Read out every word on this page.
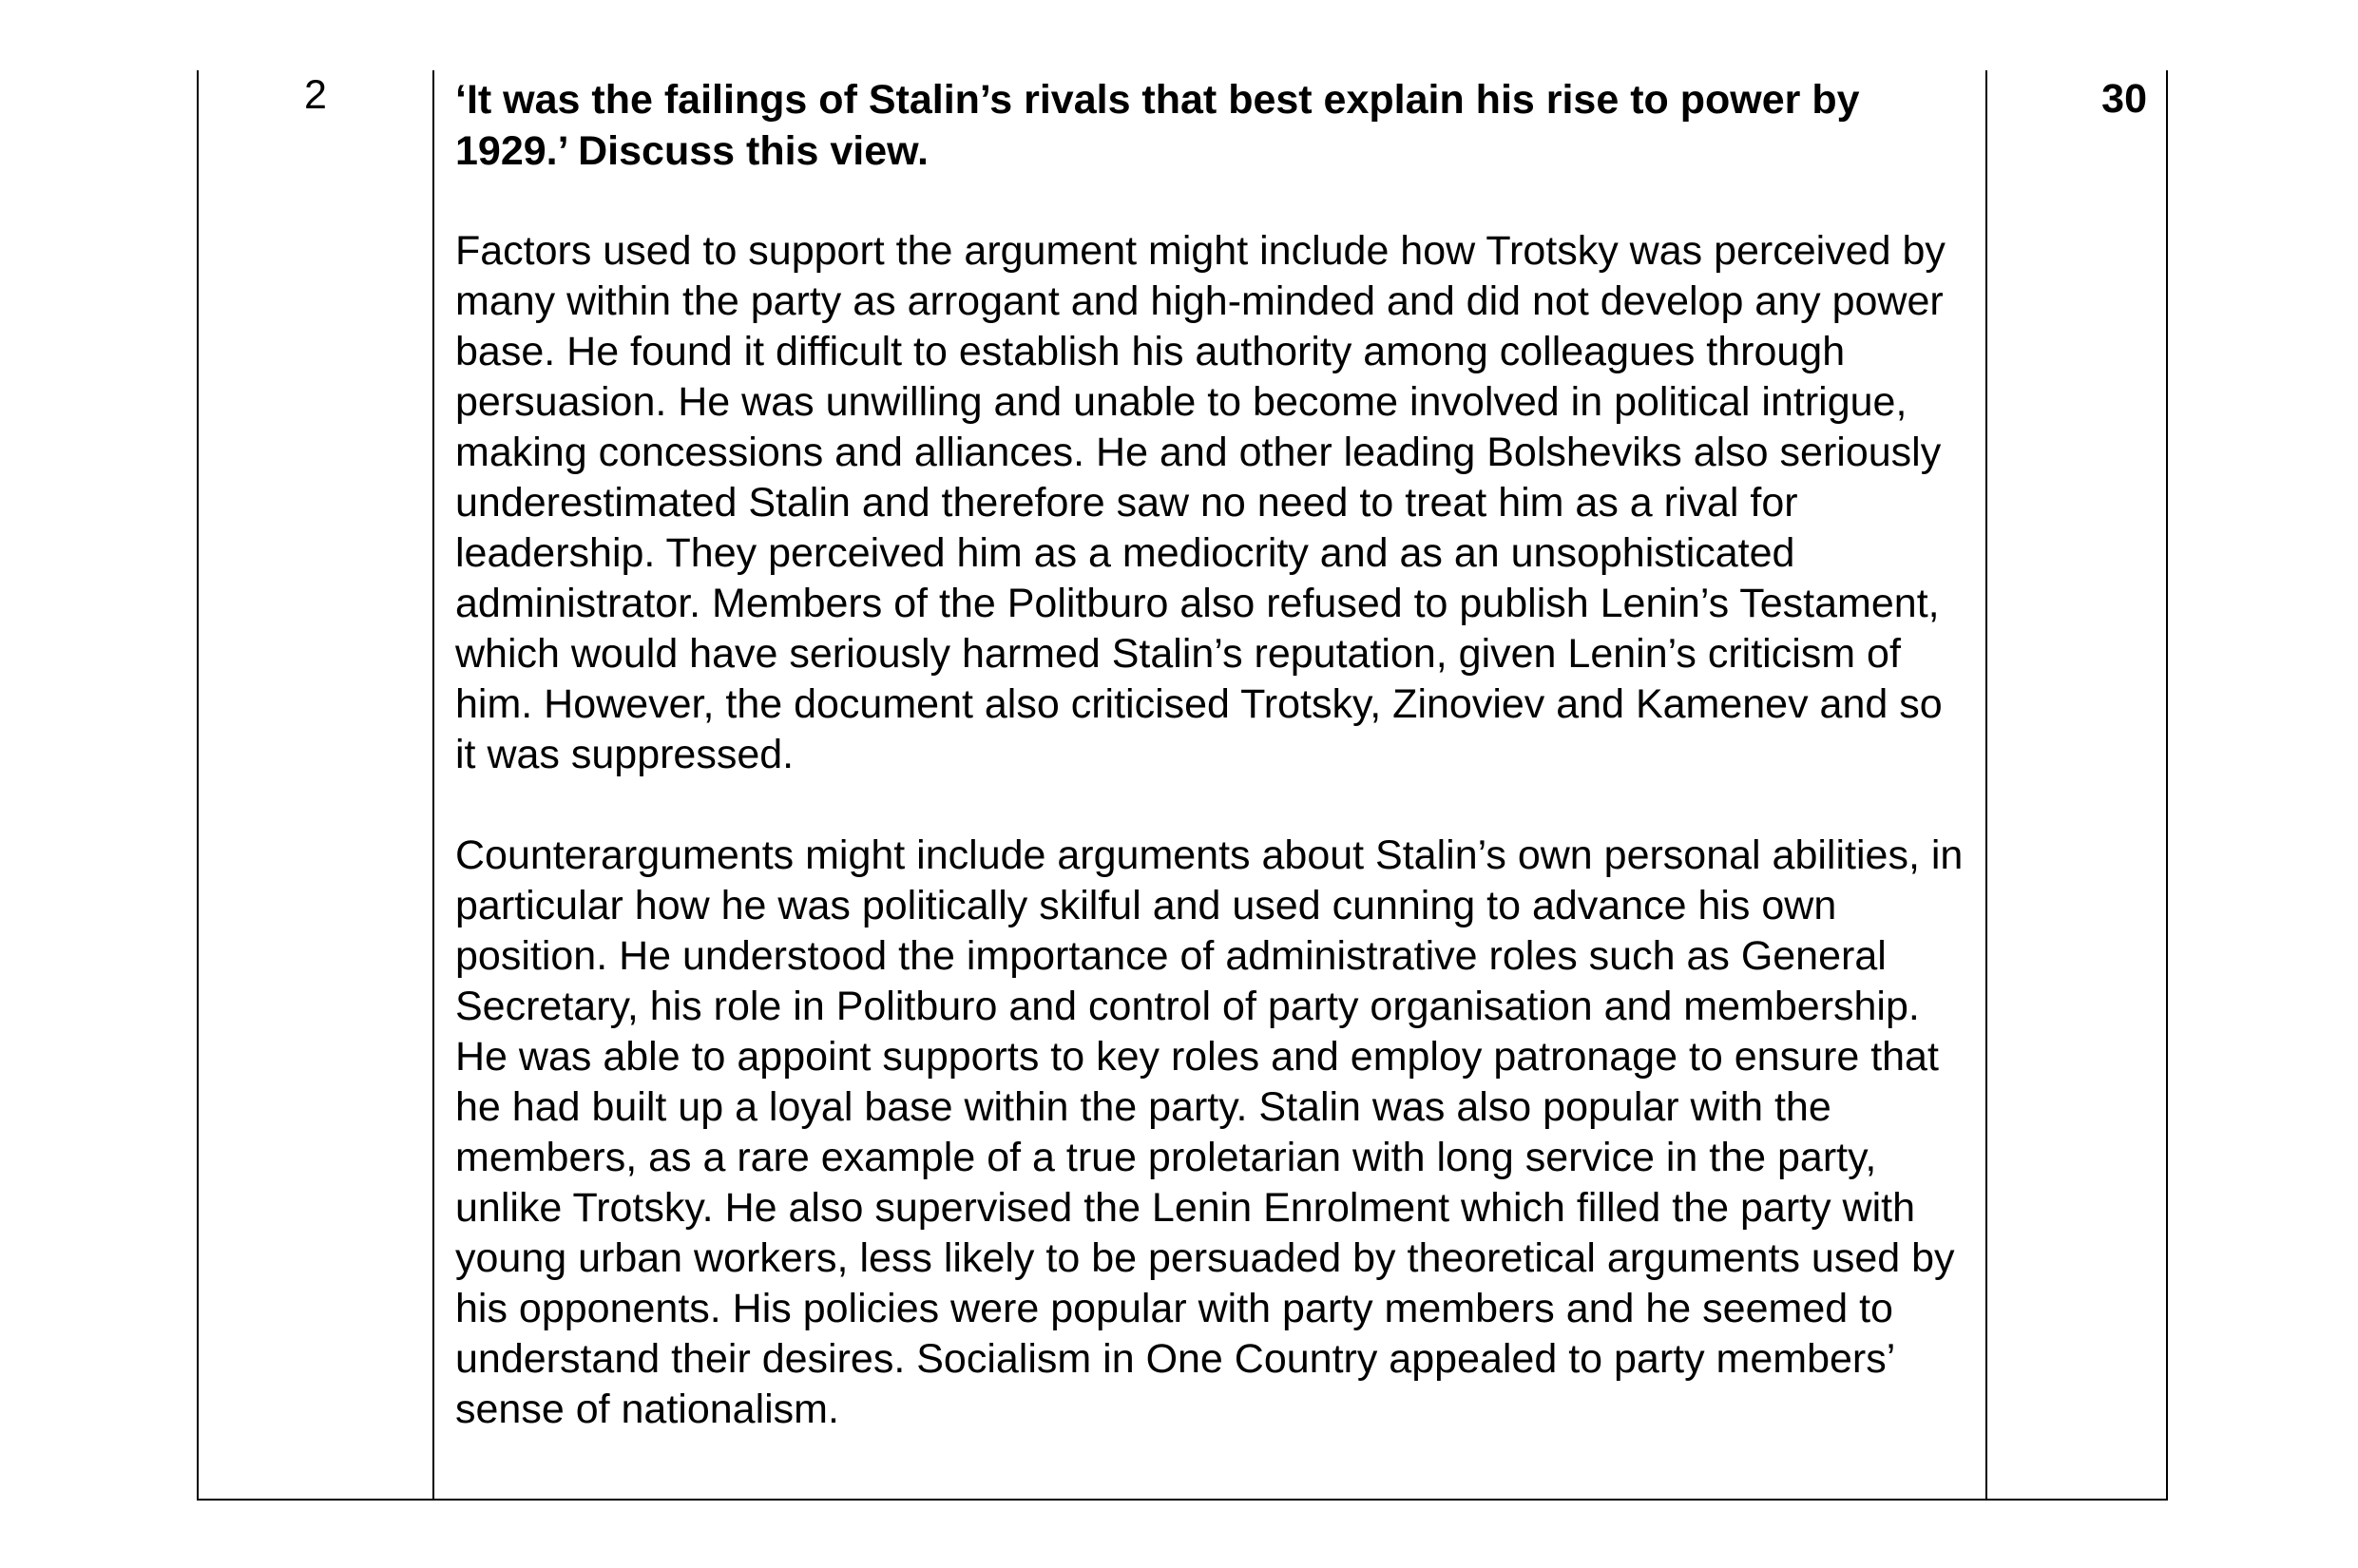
2	‘It was the failings of Stalin’s rivals that best explain his rise to power by 1929.’ Discuss this view.

Factors used to support the argument might include how Trotsky was perceived by many within the party as arrogant and high-minded and did not develop any power base. He found it difficult to establish his authority among colleagues through persuasion. He was unwilling and unable to become involved in political intrigue, making concessions and alliances. He and other leading Bolsheviks also seriously underestimated Stalin and therefore saw no need to treat him as a rival for leadership. They perceived him as a mediocrity and as an unsophisticated administrator. Members of the Politburo also refused to publish Lenin’s Testament, which would have seriously harmed Stalin’s reputation, given Lenin’s criticism of him. However, the document also criticised Trotsky, Zinoviev and Kamenev and so it was suppressed.

Counterarguments might include arguments about Stalin’s own personal abilities, in particular how he was politically skilful and used cunning to advance his own position. He understood the importance of administrative roles such as General Secretary, his role in Politburo and control of party organisation and membership. He was able to appoint supports to key roles and employ patronage to ensure that he had built up a loyal base within the party. Stalin was also popular with the members, as a rare example of a true proletarian with long service in the party, unlike Trotsky. He also supervised the Lenin Enrolment which filled the party with young urban workers, less likely to be persuaded by theoretical arguments used by his opponents. His policies were popular with party members and he seemed to understand their desires. Socialism in One Country appealed to party members’ sense of nationalism.

	30
